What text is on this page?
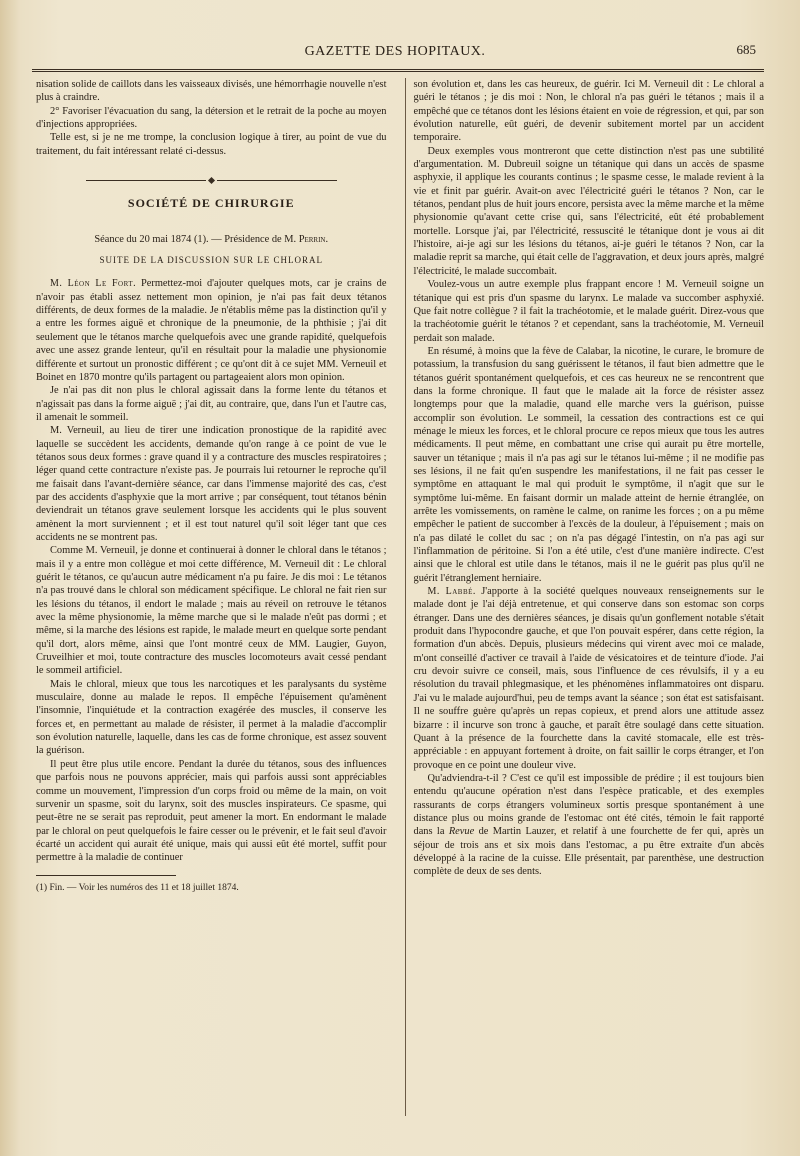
GAZETTE DES HOPITAUX.	685

nisation solide de caillots dans les vaisseaux divisés, une hémorrhagie nouvelle n'est plus à craindre.

2° Favoriser l'évacuation du sang, la détersion et le retrait de la poche au moyen d'injections appropriées.

Telle est, si je ne me trompe, la conclusion logique à tirer, au point de vue du traitement, du fait intéressant relaté ci-dessus.

SOCIÉTÉ DE CHIRURGIE

Séance du 20 mai 1874 (1). — Présidence de M. Perrin.

SUITE DE LA DISCUSSION SUR LE CHLORAL

M. Léon Le Fort. Permettez-moi d'ajouter quelques mots, car je crains de n'avoir pas établi assez nettement mon opinion, je n'ai pas fait deux tétanos différents, de deux formes de la maladie. Je n'établis même pas la distinction qu'il y a entre les formes aiguë et chronique de la pneumonie, de la phthisie ; j'ai dit seulement que le tétanos marche quelquefois avec une grande rapidité, quelquefois avec une assez grande lenteur, qu'il en résultait pour la maladie une physionomie différente et surtout un pronostic différent ; ce qu'ont dit à ce sujet MM. Verneuil et Boinet en 1870 montre qu'ils partagent ou partageaient alors mon opinion.

Je n'ai pas dit non plus le chloral agissait dans la forme lente du tétanos et n'agissait pas dans la forme aiguë ; j'ai dit, au contraire, que, dans l'un et l'autre cas, il amenait le sommeil.

M. Verneuil, au lieu de tirer une indication pronostique de la rapidité avec laquelle se succèdent les accidents, demande qu'on range à ce point de vue le tétanos sous deux formes : grave quand il y a contracture des muscles respiratoires ; léger quand cette contracture n'existe pas. Je pourrais lui retourner le reproche qu'il me faisait dans l'avant-dernière séance, car dans l'immense majorité des cas, c'est par des accidents d'asphyxie que la mort arrive ; par conséquent, tout tétanos bénin deviendrait un tétanos grave seulement lorsque les accidents qui le plus souvent amènent la mort surviennent ; et il est tout naturel qu'il soit léger tant que ces accidents ne se montrent pas.

Comme M. Verneuil, je donne et continuerai à donner le chloral dans le tétanos ; mais il y a entre mon collègue et moi cette différence, M. Verneuil dit : Le chloral guérit le tétanos, ce qu'aucun autre médicament n'a pu faire. Je dis moi : Le tétanos n'a pas trouvé dans le chloral son médicament spécifique. Le chloral ne fait rien sur les lésions du tétanos, il endort le malade ; mais au réveil on retrouve le tétanos avec la même physionomie, la même marche que si le malade n'eût pas dormi ; et même, si la marche des lésions est rapide, le malade meurt en quelque sorte pendant qu'il dort, alors même, ainsi que l'ont montré ceux de MM. Laugier, Guyon, Cruveilhier et moi, toute contracture des muscles locomoteurs avait cessé pendant le sommeil artificiel.

Mais le chloral, mieux que tous les narcotiques et les paralysants du système musculaire, donne au malade le repos. Il empêche l'épuisement qu'amènent l'insomnie, l'inquiétude et la contraction exagérée des muscles, il conserve les forces et, en permettant au malade de résister, il permet à la maladie d'accomplir son évolution naturelle, laquelle, dans les cas de forme chronique, est assez souvent la guérison.

Il peut être plus utile encore. Pendant la durée du tétanos, sous des influences que parfois nous ne pouvons apprécier, mais qui parfois aussi sont appréciables comme un mouvement, l'impression d'un corps froid ou même de la main, on voit survenir un spasme, soit du larynx, soit des muscles inspirateurs. Ce spasme, qui peut-être ne se serait pas reproduit, peut amener la mort. En endormant le malade par le chloral on peut quelquefois le faire cesser ou le prévenir, et le fait seul d'avoir écarté un accident qui aurait été unique, mais qui aussi eût été mortel, suffit pour permettre à la maladie de continuer

(1) Fin. — Voir les numéros des 11 et 18 juillet 1874.

son évolution et, dans les cas heureux, de guérir. Ici M. Verneuil dit : Le chloral a guéri le tétanos ; je dis moi : Non, le chloral n'a pas guéri le tétanos ; mais il a empêché que ce tétanos dont les lésions étaient en voie de régression, et qui, par son évolution naturelle, eût guéri, de devenir subitement mortel par un accident temporaire.

Deux exemples vous montreront que cette distinction n'est pas une subtilité d'argumentation. M. Dubreuil soigne un tétanique qui dans un accès de spasme asphyxie, il applique les courants continus ; le spasme cesse, le malade revient à la vie et finit par guérir. Avait-on avec l'électricité guéri le tétanos ? Non, car le tétanos, pendant plus de huit jours encore, persista avec la même marche et la même physionomie qu'avant cette crise qui, sans l'électricité, eût été probablement mortelle. Lorsque j'ai, par l'électricité, ressuscité le tétanique dont je vous ai dit l'histoire, ai-je agi sur les lésions du tétanos, ai-je guéri le tétanos ? Non, car la maladie reprit sa marche, qui était celle de l'aggravation, et deux jours après, malgré l'électricité, le malade succombait.

Voulez-vous un autre exemple plus frappant encore ! M. Verneuil soigne un tétanique qui est pris d'un spasme du larynx. Le malade va succomber asphyxié. Que fait notre collègue ? il fait la trachéotomie, et le malade guérit. Direz-vous que la trachéotomie guérit le tétanos ? et cependant, sans la trachéotomie, M. Verneuil perdait son malade.

En résumé, à moins que la fève de Calabar, la nicotine, le curare, le bromure de potassium, la transfusion du sang guérissent le tétanos, il faut bien admettre que le tétanos guérit spontanément quelquefois, et ces cas heureux ne se rencontrent que dans la forme chronique. Il faut que le malade ait la force de résister assez longtemps pour que la maladie, quand elle marche vers la guérison, puisse accomplir son évolution. Le sommeil, la cessation des contractions est ce qui ménage le mieux les forces, et le chloral procure ce repos mieux que tous les autres médicaments. Il peut même, en combattant une crise qui aurait pu être mortelle, sauver un tétanique ; mais il n'a pas agi sur le tétanos lui-même ; il ne modifie pas ses lésions, il ne fait qu'en suspendre les manifestations, il ne fait pas cesser le symptôme en attaquant le mal qui produit le symptôme, il n'agit que sur le symptôme lui-même. En faisant dormir un malade atteint de hernie étranglée, on arrête les vomissements, on ramène le calme, on ranime les forces ; on a pu même empêcher le patient de succomber à l'excès de la douleur, à l'épuisement ; mais on n'a pas dilaté le collet du sac ; on n'a pas dégagé l'intestin, on n'a pas agi sur l'inflammation de péritoine. Si l'on a été utile, c'est d'une manière indirecte. C'est ainsi que le chloral est utile dans le tétanos, mais il ne le guérit pas plus qu'il ne guérit l'étranglement herniaire.

M. Labbé. J'apporte à la société quelques nouveaux renseignements sur le malade dont je l'ai déjà entretenue, et qui conserve dans son estomac son corps étranger. Dans une des dernières séances, je disais qu'un gonflement notable s'était produit dans l'hypocondre gauche, et que l'on pouvait espérer, dans cette région, la formation d'un abcès. Depuis, plusieurs médecins qui virent avec moi ce malade, m'ont conseillé d'activer ce travail à l'aide de vésicatoires et de teinture d'iode. J'ai cru devoir suivre ce conseil, mais, sous l'influence de ces révulsifs, il y a eu résolution du travail phlegmasique, et les phénomènes inflammatoires ont disparu. J'ai vu le malade aujourd'hui, peu de temps avant la séance ; son état est satisfaisant. Il ne souffre guère qu'après un repas copieux, et prend alors une attitude assez bizarre : il incurve son tronc à gauche, et paraît être soulagé dans cette situation. Quant à la présence de la fourchette dans la cavité stomacale, elle est très-appréciable : en appuyant fortement à droite, on fait saillir le corps étranger, et l'on provoque en ce point une douleur vive.

Qu'adviendra-t-il ? C'est ce qu'il est impossible de prédire ; il est toujours bien entendu qu'aucune opération n'est dans l'espèce praticable, et des exemples rassurants de corps étrangers volumineux sortis presque spontanément à une distance plus ou moins grande de l'estomac ont été cités, témoin le fait rapporté dans la Revue de Martin Lauzer, et relatif à une fourchette de fer qui, après un séjour de trois ans et six mois dans l'estomac, a pu être extraite d'un abcès développé à la racine de la cuisse. Elle présentait, par parenthèse, une destruction complète de deux de ses dents.
